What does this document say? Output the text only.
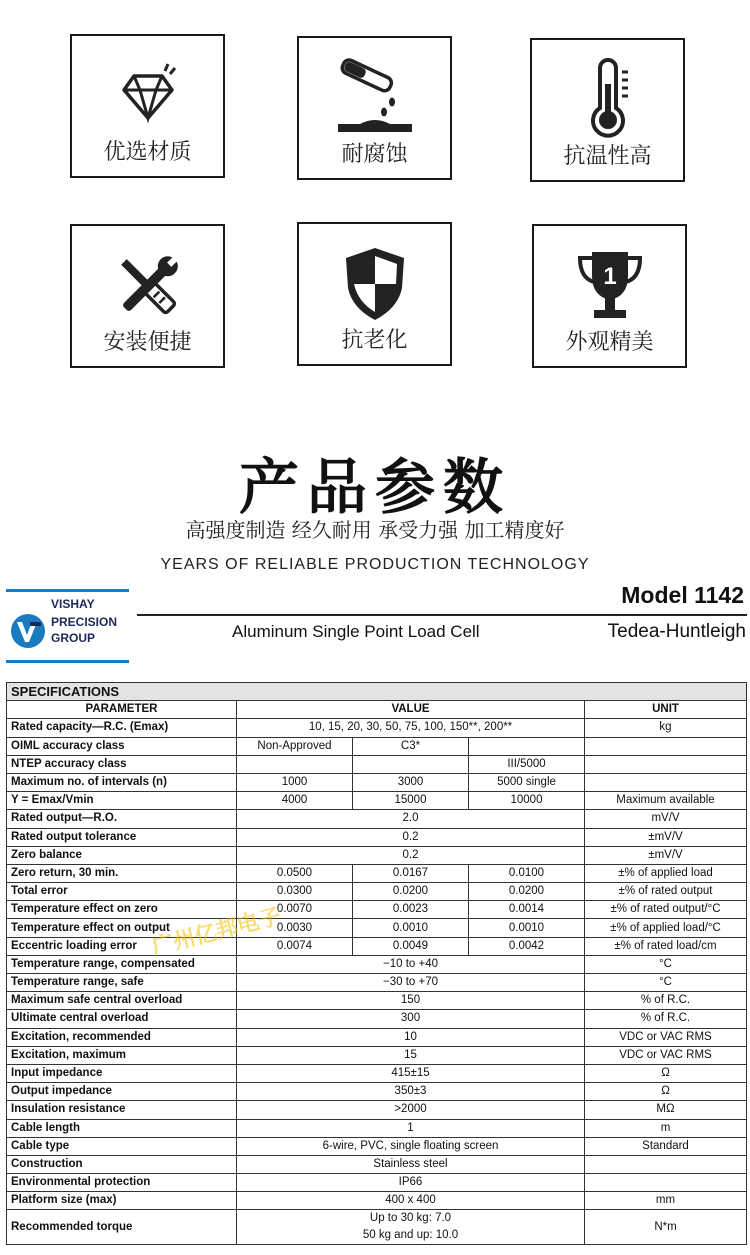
优选材质	耐腐蚀	抗温性高
安装便捷	抗老化
1
外观精美
产品参数
高强度制造 经久耐用 承受力强 加工精度好
YEARS OF RELIABLE PRODUCTION TECHNOLOGY
VISHAY
PRECISION
GROUP
Model 1142
Aluminum Single Point Load Cell	Tedea-Huntleigh
SPECIFICATIONS				
PARAMETER	VALUE			UNIT
Rated capacity—R.C. (Emax)	10, 15, 20, 30, 50, 75, 100, 150**, 200**			kg
OIML accuracy class	Non-Approved	C3*		
NTEP accuracy class			III/5000	
Maximum no. of intervals (n)	1000	3000	5000 single	
Y = Emax/Vmin	4000	15000	10000	Maximum available
Rated output—R.O.	2.0			mV/V
Rated output tolerance	0.2			±mV/V
Zero balance	0.2			±mV/V
Zero return, 30 min.	0.0500	0.0167	0.0100	±% of applied load
Total error	0.0300	0.0200	0.0200	±% of rated output
Temperature effect on zero	0.0070	0.0023	0.0014	±% of rated output/°C
Temperature effect on output	0.0030	0.0010	0.0010	±% of applied load/°C
Eccentric loading error	0.0074	0.0049	0.0042	±% of rated load/cm
Temperature range, compensated	−10 to +40			°C
Temperature range, safe	−30 to +70			°C
Maximum safe central overload	150			% of R.C.
Ultimate central overload	300			% of R.C.
Excitation, recommended	10			VDC or VAC RMS
Excitation, maximum	15			VDC or VAC RMS
Input impedance	415±15			Ω
Output impedance	350±3			Ω
Insulation resistance	>2000			MΩ
Cable length	1			m
Cable type	6-wire, PVC, single floating screen			Standard
Construction	Stainless steel			
Environmental protection	IP66			
Platform size (max)	400 x 400			mm
Recommended torque	Up to 30 kg: 7.0
50 kg and up: 10.0			N*m
广州亿邦电子
